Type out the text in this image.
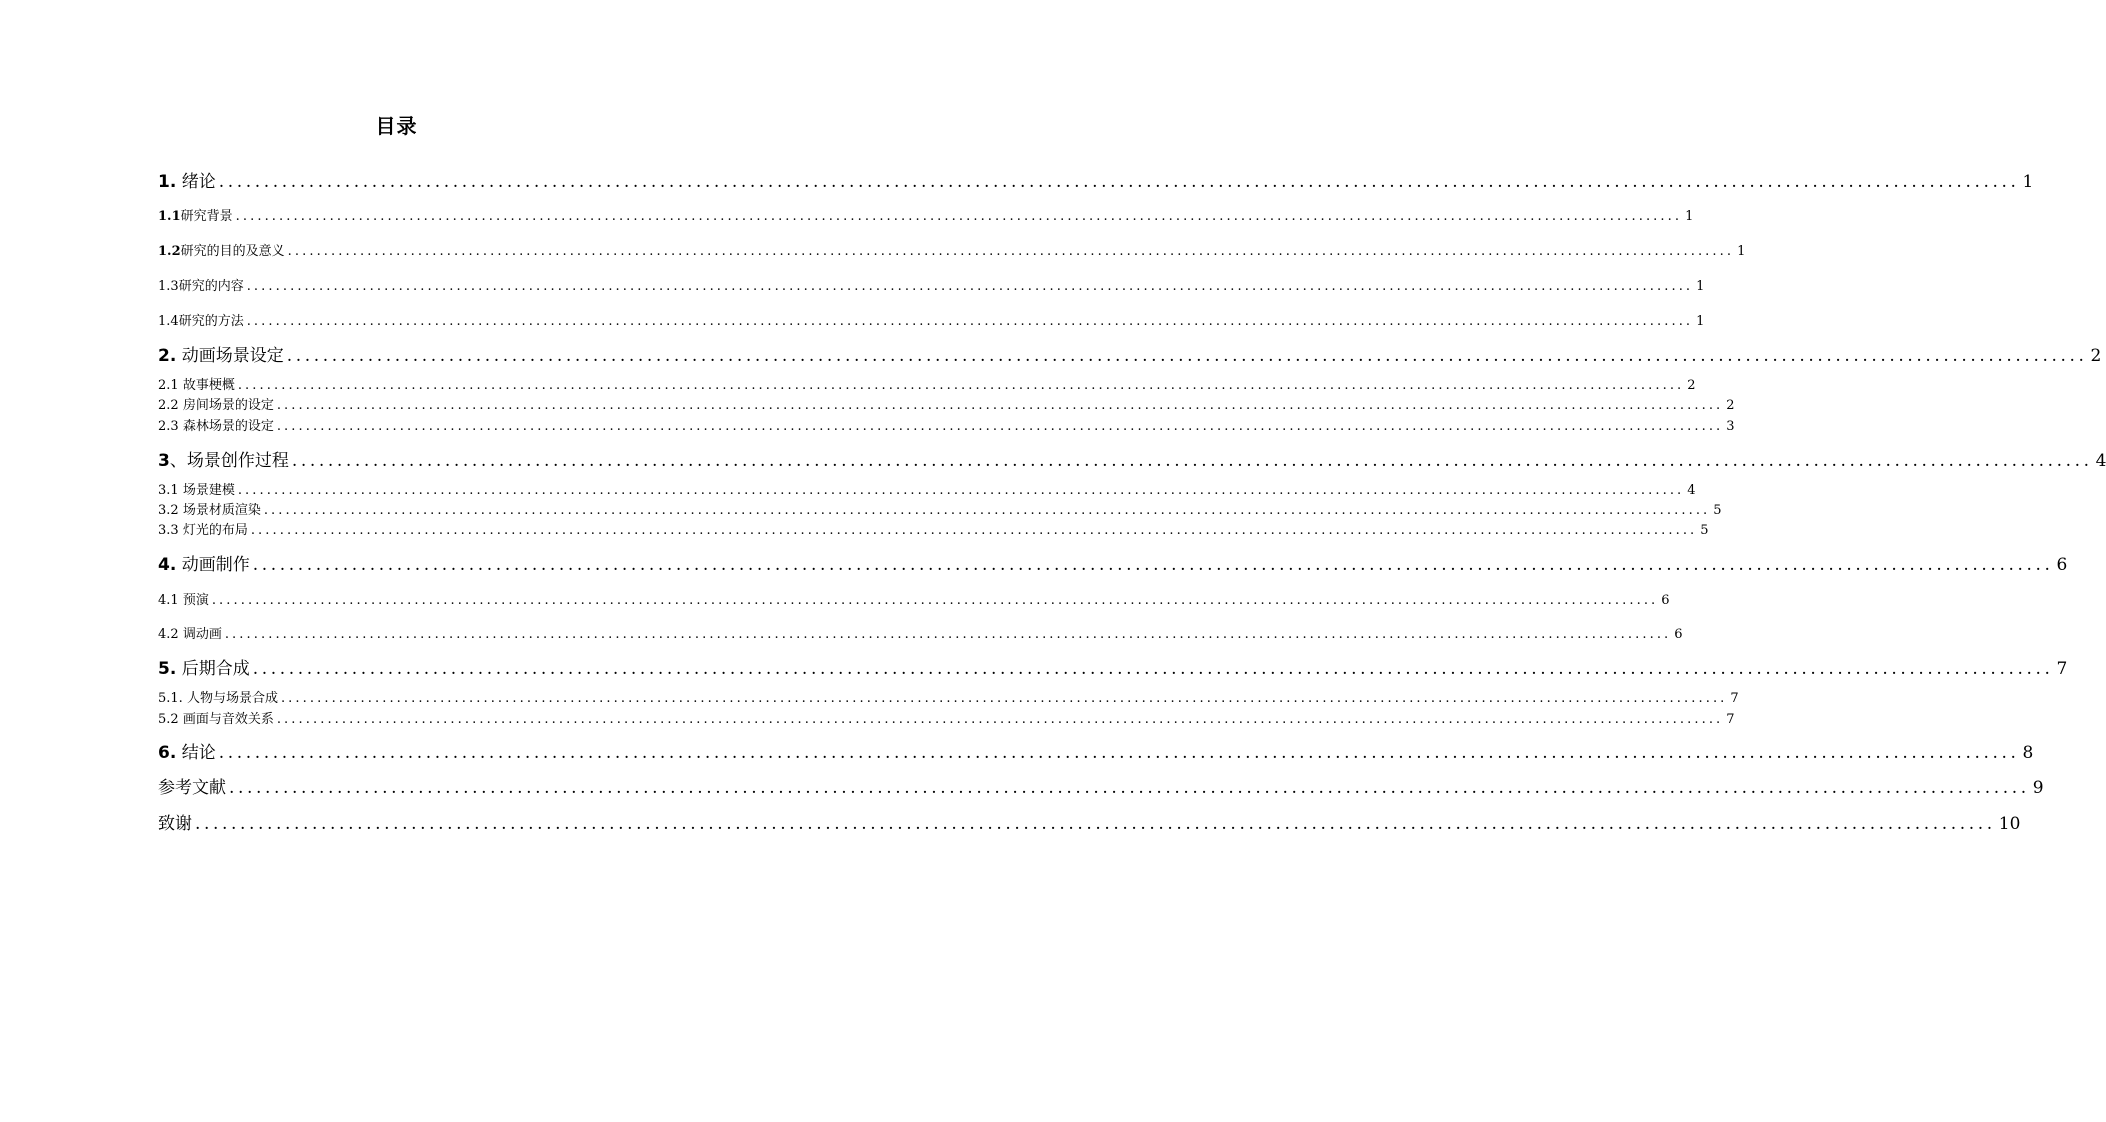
目录
1. 绪论 ........................................................................................................................................................................................................ 1
1.1研究背景 ........................................................................................................................................................................................................ 1
1.2研究的目的及意义 ........................................................................................................................................................................................................ 1
1.3研究的内容 ........................................................................................................................................................................................................ 1
1.4研究的方法 ........................................................................................................................................................................................................ 1
2. 动画场景设定 ........................................................................................................................................................................................................ 2
2.1 故事梗概 ........................................................................................................................................................................................................ 2
2.2 房间场景的设定 ........................................................................................................................................................................................................ 2
2.3 森林场景的设定 ........................................................................................................................................................................................................ 3
3、场景创作过程 ........................................................................................................................................................................................................ 4
3.1 场景建模 ........................................................................................................................................................................................................ 4
3.2 场景材质渲染 ........................................................................................................................................................................................................ 5
3.3 灯光的布局 ........................................................................................................................................................................................................ 5
4. 动画制作 ........................................................................................................................................................................................................ 6
4.1 预演 ........................................................................................................................................................................................................ 6
4.2 调动画 ........................................................................................................................................................................................................ 6
5. 后期合成 ........................................................................................................................................................................................................ 7
5.1. 人物与场景合成 ........................................................................................................................................................................................................ 7
5.2 画面与音效关系 ........................................................................................................................................................................................................ 7
6. 结论 ........................................................................................................................................................................................................ 8
参考文献 ........................................................................................................................................................................................................ 9
致谢 ........................................................................................................................................................................................................ 10
